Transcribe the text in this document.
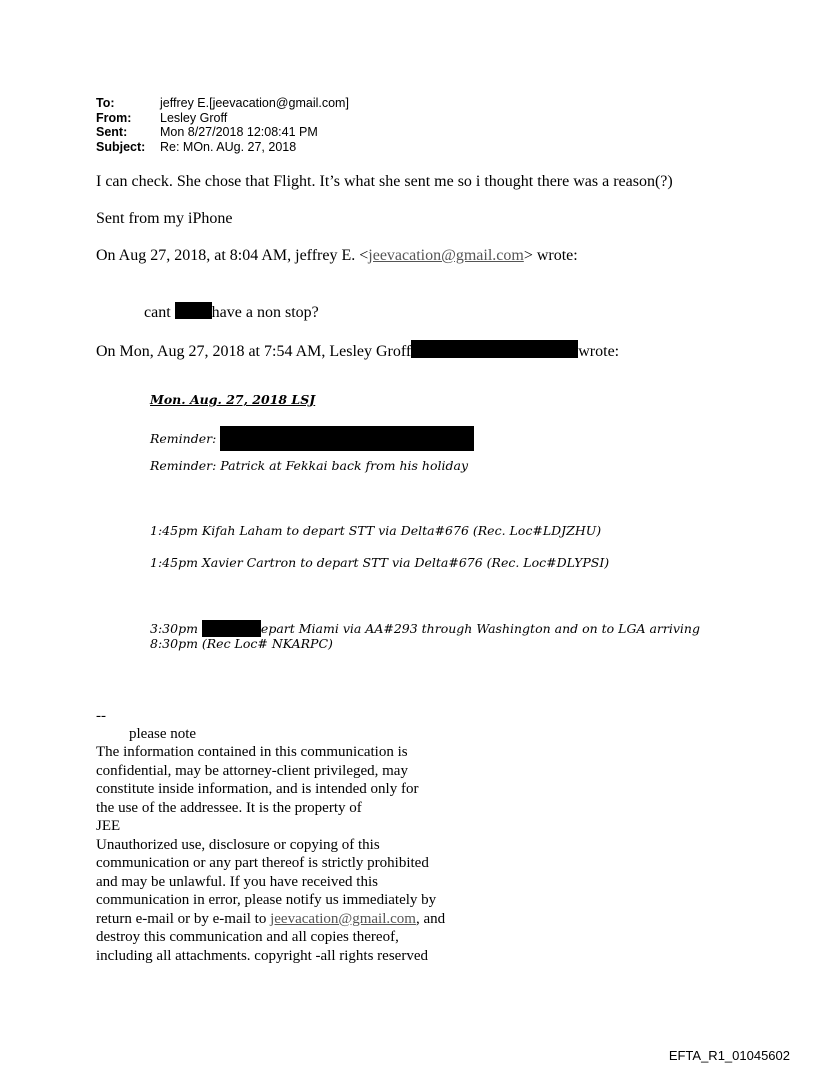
To:	jeffrey E.[jeevacation@gmail.com]
From:	Lesley Groff
Sent:	Mon 8/27/2018 12:08:41 PM
Subject:	Re: MOn. AUg. 27, 2018
I can check. She chose that Flight. It’s what she sent me so i thought there was a reason(?)
Sent from my iPhone
On Aug 27, 2018, at 8:04 AM, jeffrey E. <jeevacation@gmail.com> wrote:
cant	have a non stop?
On Mon, Aug 27, 2018 at 7:54 AM, Lesley Groff	wrote:
Mon. Aug. 27, 2018 LSJ
Reminder:
Reminder: Patrick at Fekkai back from his holiday
1:45pm Kifah Laham to depart STT via Delta#676 (Rec. Loc#LDJZHU)
1:45pm Xavier Cartron to depart STT via Delta#676 (Rec. Loc#DLYPSI)
3:30pm	epart Miami via AA#293 through Washington and on to LGA arriving
8:30pm (Rec Loc# NKARPC)
--
please note
The information contained in this communication is
confidential, may be attorney-client privileged, may
constitute inside information, and is intended only for
the use of the addressee. It is the property of
JEE
Unauthorized use, disclosure or copying of this
communication or any part thereof is strictly prohibited
and may be unlawful. If you have received this
communication in error, please notify us immediately by
return e-mail or by e-mail to jeevacation@gmail.com, and
destroy this communication and all copies thereof,
including all attachments. copyright -all rights reserved
EFTA_R1_01045602
